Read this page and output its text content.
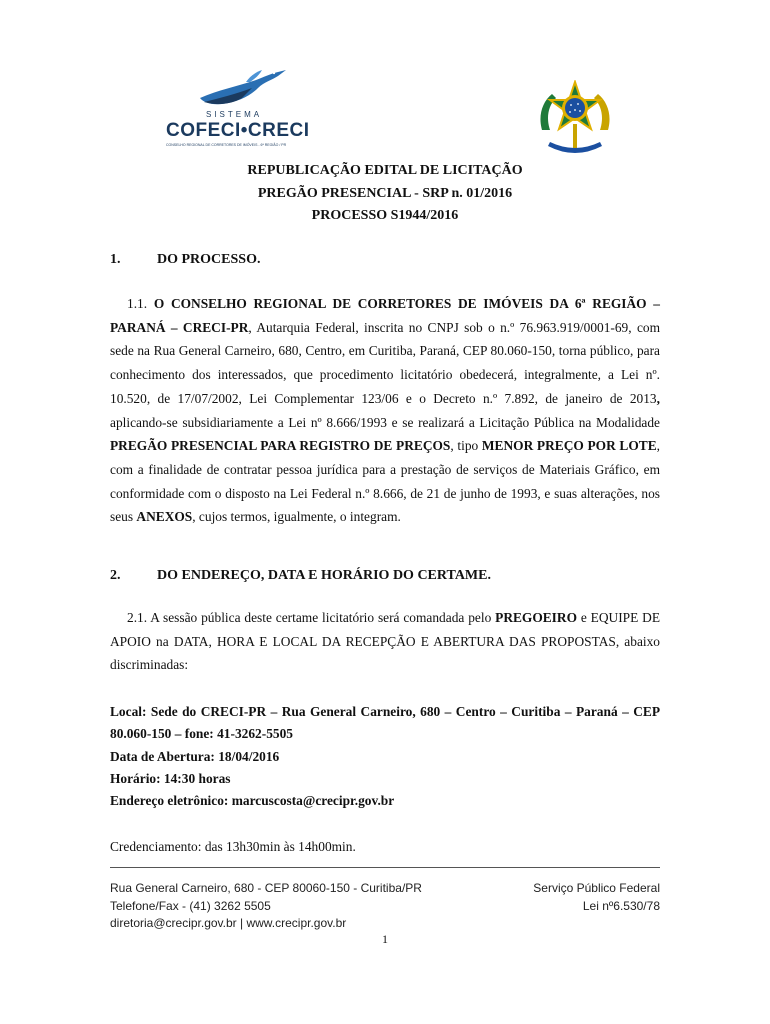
SISTEMA
COFECI•CRECI
CONSELHO REGIONAL DE CORRETORES DE IMÓVEIS - 6ª REGIÃO / PR
REPUBLICAÇÃO EDITAL DE LICITAÇÃO
PREGÃO PRESENCIAL - SRP n. 01/2016
PROCESSO S1944/2016
1.	DO PROCESSO.
1.1. O CONSELHO REGIONAL DE CORRETORES DE IMÓVEIS DA 6ª REGIÃO – PARANÁ – CRECI-PR, Autarquia Federal, inscrita no CNPJ sob o n.º 76.963.919/0001-69, com sede na Rua General Carneiro, 680, Centro, em Curitiba, Paraná, CEP 80.060-150, torna público, para conhecimento dos interessados, que procedimento licitatório obedecerá, integralmente, a Lei nº. 10.520, de 17/07/2002, Lei Complementar 123/06 e o Decreto n.º 7.892, de janeiro de 2013, aplicando-se subsidiariamente a Lei nº 8.666/1993 e se realizará a Licitação Pública na Modalidade PREGÃO PRESENCIAL PARA REGISTRO DE PREÇOS, tipo MENOR PREÇO POR LOTE, com a finalidade de contratar pessoa jurídica para a prestação de serviços de Materiais Gráfico, em conformidade com o disposto na Lei Federal n.º 8.666, de 21 de junho de 1993, e suas alterações, nos seus ANEXOS, cujos termos, igualmente, o integram.
2.	DO ENDEREÇO, DATA E HORÁRIO DO CERTAME.
2.1. A sessão pública deste certame licitatório será comandada pelo PREGOEIRO e EQUIPE DE APOIO na DATA, HORA E LOCAL DA RECEPÇÃO E ABERTURA DAS PROPOSTAS, abaixo discriminadas:
Local: Sede do CRECI-PR – Rua General Carneiro, 680 – Centro – Curitiba – Paraná – CEP 80.060-150 – fone: 41-3262-5505
Data de Abertura: 18/04/2016
Horário: 14:30 horas
Endereço eletrônico: marcuscosta@crecipr.gov.br
Credenciamento: das 13h30min às 14h00min.
Rua General Carneiro, 680 - CEP 80060-150 - Curitiba/PR
Telefone/Fax - (41) 3262 5505
diretoria@crecipr.gov.br | www.crecipr.gov.br
Serviço Público Federal
Lei nº6.530/78
1
